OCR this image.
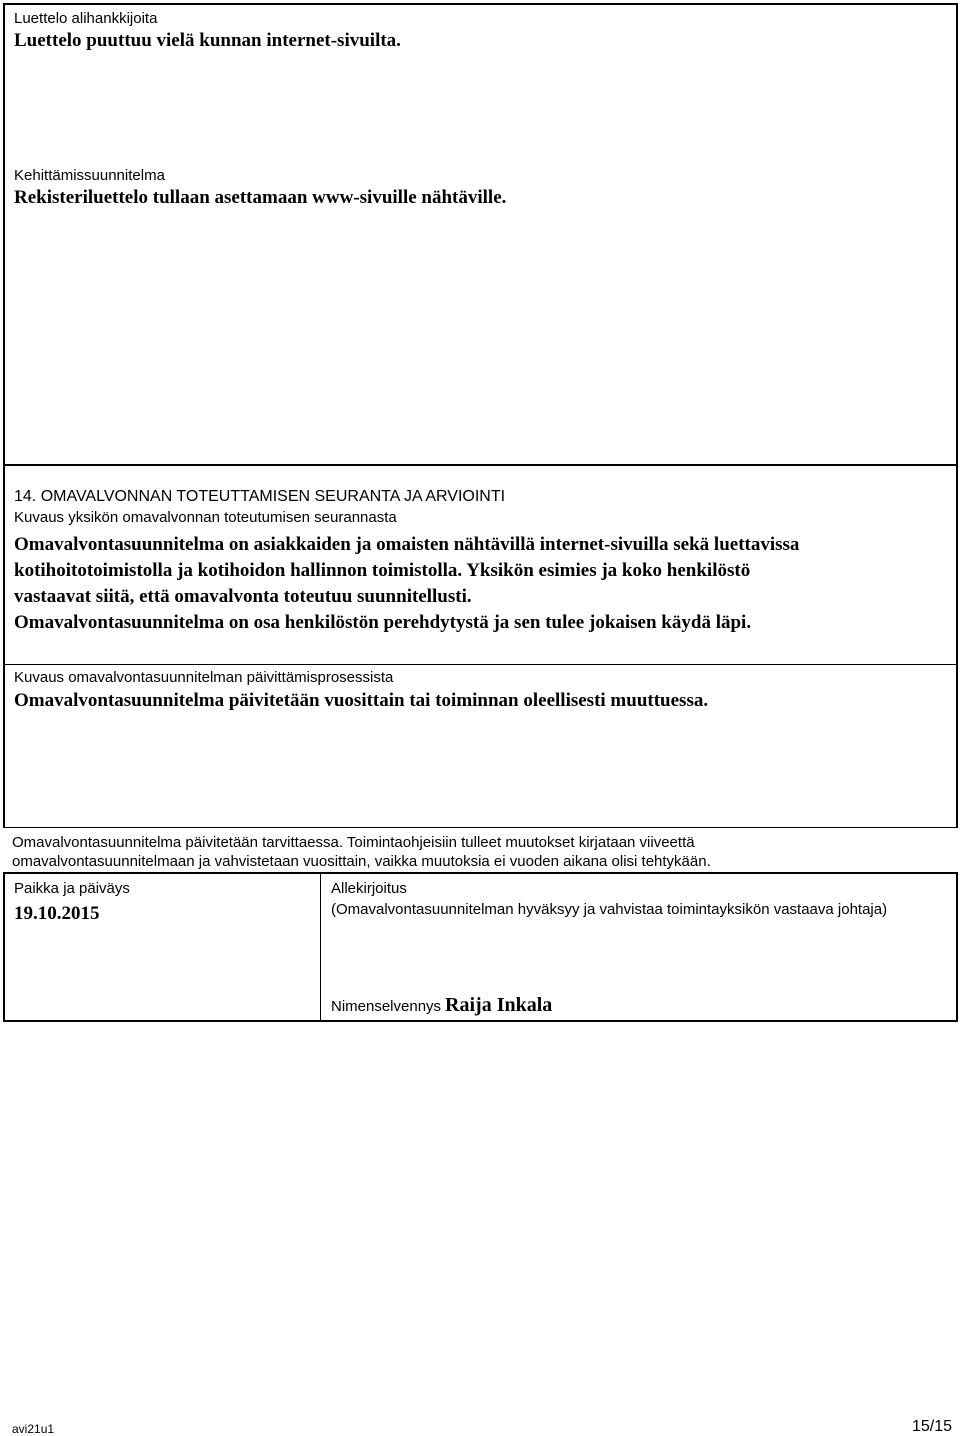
Luettelo alihankkijoita
Luettelo puuttuu vielä kunnan internet-sivuilta.
Kehittämissuunnitelma
Rekisteriluettelo tullaan asettamaan www-sivuille nähtäville.
14. OMAVALVONNAN TOTEUTTAMISEN SEURANTA JA ARVIOINTI
Kuvaus yksikön omavalvonnan toteutumisen seurannasta
Omavalvontasuunnitelma on asiakkaiden ja omaisten nähtävillä internet-sivuilla sekä luettavissa
kotihoitotoimistolla ja kotihoidon hallinnon toimistolla. Yksikön esimies ja koko henkilöstö
vastaavat siitä, että omavalvonta toteutuu suunnitellusti.
Omavalvontasuunnitelma on osa henkilöstön perehdytystä ja sen tulee jokaisen käydä läpi.
Kuvaus omavalvontasuunnitelman päivittämisprosessista
Omavalvontasuunnitelma päivitetään vuosittain tai toiminnan oleellisesti muuttuessa.
Omavalvontasuunnitelma päivitetään tarvittaessa. Toimintaohjeisiin tulleet muutokset kirjataan viiveettä
omavalvontasuunnitelmaan ja vahvistetaan vuosittain, vaikka muutoksia ei vuoden aikana olisi tehtykään.
Paikka ja päiväys
19.10.2015
Allekirjoitus
(Omavalvontasuunnitelman hyväksyy ja vahvistaa toimintayksikön vastaava johtaja)
Nimenselvennys Raija Inkala
avi21u1	15/15
